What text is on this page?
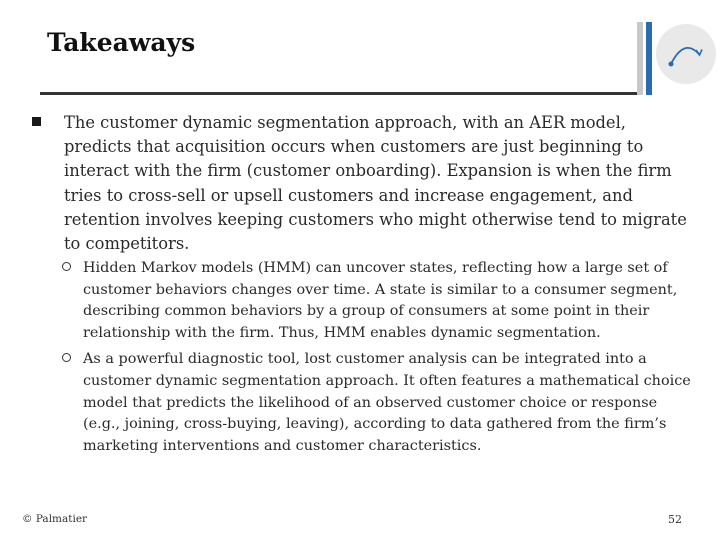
Takeaways
The customer dynamic segmentation approach, with an AER model, predicts that acquisition occurs when customers are just beginning to interact with the firm (customer onboarding). Expansion is when the firm tries to cross-sell or upsell customers and increase engagement, and retention involves keeping customers who might otherwise tend to migrate to competitors.
Hidden Markov models (HMM) can uncover states, reflecting how a large set of customer behaviors changes over time. A state is similar to a consumer segment, describing common behaviors by a group of consumers at some point in their relationship with the firm. Thus, HMM enables dynamic segmentation.
As a powerful diagnostic tool, lost customer analysis can be integrated into a customer dynamic segmentation approach. It often features a mathematical choice model that predicts the likelihood of an observed customer choice or response (e.g., joining, cross-buying, leaving), according to data gathered from the firm’s marketing interventions and customer characteristics.
© Palmatier	52
